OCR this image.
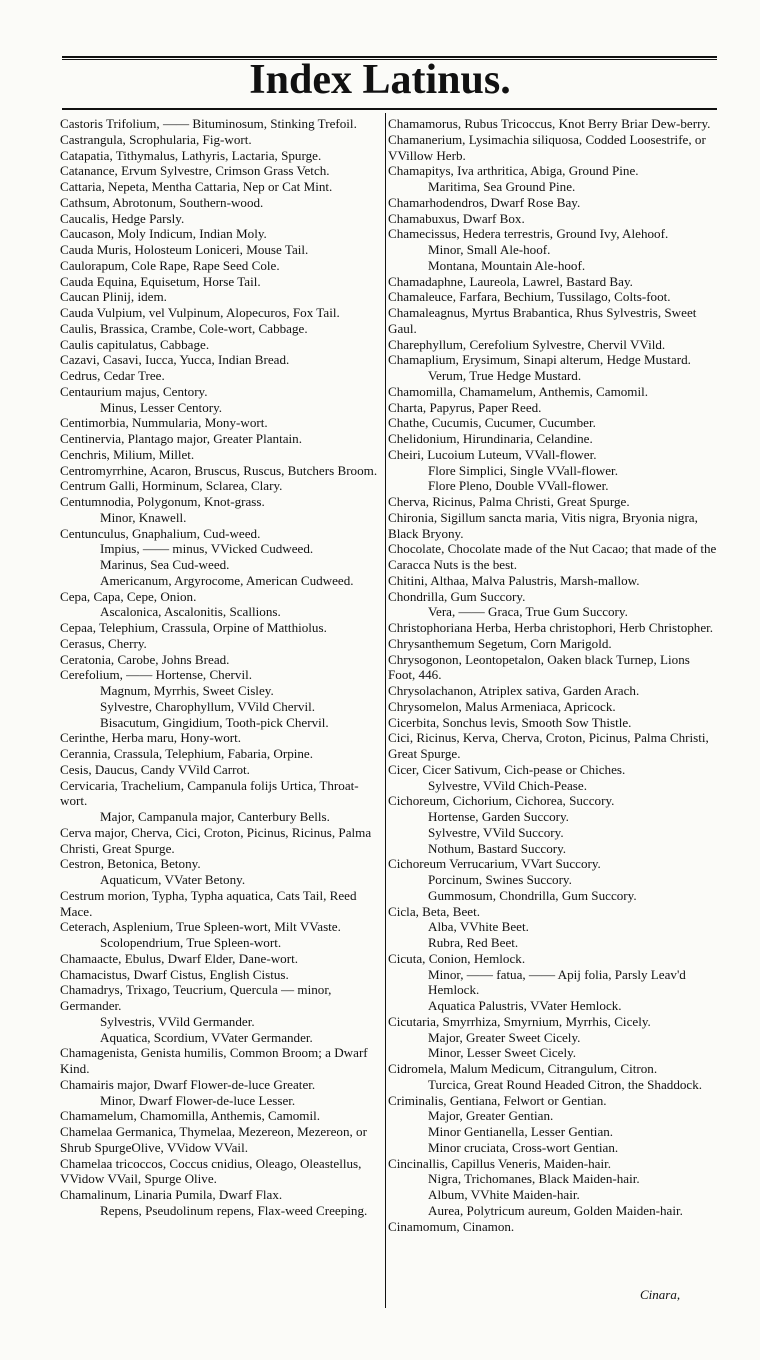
Index Latinus.
Castoris Trifolium, —— Bituminosum, Stinking Trefoil.
Castrangula, Scrophularia, Fig-wort.
Catapatia, Tithymalus, Lathyris, Lactaria, Spurge.
Catanance, Ervum Sylvestre, Crimson Grass Vetch.
Cattaria, Nepeta, Mentha Cattaria, Nep or Cat Mint.
Cathsum, Abrotonum, Southern-wood.
Caucalis, Hedge Parsly.
Caucason, Moly Indicum, Indian Moly.
Cauda Muris, Holosteum Loniceri, Mouse Tail.
Caulorapum, Cole Rape, Rape Seed Cole.
Cauda Equina, Equisetum, Horse Tail.
Caucan Plinij, idem.
Cauda Vulpium, vel Vulpinum, Alopecuros, Fox Tail.
Caulis, Brassica, Crambe, Cole-wort, Cabbage.
Caulis capitulatus, Cabbage.
Cazavi, Casavi, Iucca, Yucca, Indian Bread.
Cedrus, Cedar Tree.
Centaurium majus, Centory.
Minus, Lesser Centory.
Centimorbia, Nummularia, Mony-wort.
Centinervia, Plantago major, Greater Plantain.
Cenchris, Milium, Millet.
Centromyrrhine, Acaron, Bruscus, Ruscus, Butchers Broom.
Centrum Galli, Horminum, Sclarea, Clary.
Centumnodia, Polygonum, Knot-grass.
Minor, Knawell.
Centunculus, Gnaphalium, Cud-weed.
Impius, —— minus, VVicked Cudweed.
Marinus, Sea Cud-weed.
Americanum, Argyrocome, American Cudweed.
Cepa, Capa, Cepe, Onion.
Ascalonica, Ascalonitis, Scallions.
Cepaa, Telephium, Crassula, Orpine of Matthiolus.
Cerasus, Cherry.
Ceratonia, Carobe, Johns Bread.
Cerefolium, —— Hortense, Chervil.
Magnum, Myrrhis, Sweet Cisley.
Sylvestre, Charophyllum, VVild Chervil.
Bisacutum, Gingidium, Tooth-pick Chervil.
Cerinthe, Herba maru, Hony-wort.
Cerannia, Crassula, Telephium, Fabaria, Orpine.
Cesis, Daucus, Candy VVild Carrot.
Cervicaria, Trachelium, Campanula folijs Urtica, Throat-wort.
Major, Campanula major, Canterbury Bells.
Cerva major, Cherva, Cici, Croton, Picinus, Ricinus, Palma Christi, Great Spurge.
Cestron, Betonica, Betony.
Aquaticum, VVater Betony.
Cestrum morion, Typha, Typha aquatica, Cats Tail, Reed Mace.
Ceterach, Asplenium, True Spleen-wort, Milt VVaste.
Scolopendrium, True Spleen-wort.
Chamaacte, Ebulus, Dwarf Elder, Dane-wort.
Chamacistus, Dwarf Cistus, English Cistus.
Chamadrys, Trixago, Teucrium, Quercula — minor, Germander.
Sylvestris, VVild Germander.
Aquatica, Scordium, VVater Germander.
Chamagenista, Genista humilis, Common Broom; a Dwarf Kind.
Chamairis major, Dwarf Flower-de-luce Greater.
Minor, Dwarf Flower-de-luce Lesser.
Chamamelum, Chamomilla, Anthemis, Camomil.
Chamelaa Germanica, Thymelaa, Mezereon, Mezereon, or Shrub SpurgeOlive, VVidow VVail.
Chamelaa tricoccos, Coccus cnidius, Oleago, Oleastellus, VVidow VVail, Spurge Olive.
Chamalinum, Linaria Pumila, Dwarf Flax.
Repens, Pseudolinum repens, Flax-weed Creeping.
Chamamorus, Rubus Tricoccus, Knot Berry Briar Dew-berry.
Chamanerium, Lysimachia siliquosa, Codded Loosestrife, or VVillow Herb.
Chamapitys, Iva arthritica, Abiga, Ground Pine.
Maritima, Sea Ground Pine.
Chamarhodendros, Dwarf Rose Bay.
Chamabuxus, Dwarf Box.
Chamecissus, Hedera terrestris, Ground Ivy, Alehoof.
Minor, Small Ale-hoof.
Montana, Mountain Ale-hoof.
Chamadaphne, Laureola, Lawrel, Bastard Bay.
Chamaleuce, Farfara, Bechium, Tussilago, Colts-foot.
Chamaleagnus, Myrtus Brabantica, Rhus Sylvestris, Sweet Gaul.
Charephyllum, Cerefolium Sylvestre, Chervil VVild.
Chamaplium, Erysimum, Sinapi alterum, Hedge Mustard.
Verum, True Hedge Mustard.
Chamomilla, Chamamelum, Anthemis, Camomil.
Charta, Papyrus, Paper Reed.
Chathe, Cucumis, Cucumer, Cucumber.
Chelidonium, Hirundinaria, Celandine.
Cheiri, Lucoium Luteum, VVall-flower.
Flore Simplici, Single VVall-flower.
Flore Pleno, Double VVall-flower.
Cherva, Ricinus, Palma Christi, Great Spurge.
Chironia, Sigillum sancta maria, Vitis nigra, Bryonia nigra, Black Bryony.
Chocolate, Chocolate made of the Nut Cacao; that made of the Caracca Nuts is the best.
Chitini, Althaa, Malva Palustris, Marsh-mallow.
Chondrilla, Gum Succory.
Vera, —— Graca, True Gum Succory.
Christophoriana Herba, Herba christophori, Herb Christopher.
Chrysanthemum Segetum, Corn Marigold.
Chrysogonon, Leontopetalon, Oaken black Turnep, Lions Foot, 446.
Chrysolachanon, Atriplex sativa, Garden Arach.
Chrysomelon, Malus Armeniaca, Apricock.
Cicerbita, Sonchus levis, Smooth Sow Thistle.
Cici, Ricinus, Kerva, Cherva, Croton, Picinus, Palma Christi, Great Spurge.
Cicer, Cicer Sativum, Cich-pease or Chiches.
Sylvestre, VVild Chich-Pease.
Cichoreum, Cichorium, Cichorea, Succory.
Hortense, Garden Succory.
Sylvestre, VVild Succory.
Nothum, Bastard Succory.
Cichoreum Verrucarium, VVart Succory.
Porcinum, Swines Succory.
Gummosum, Chondrilla, Gum Succory.
Cicla, Beta, Beet.
Alba, VVhite Beet.
Rubra, Red Beet.
Cicuta, Conion, Hemlock.
Minor, —— fatua, —— Apij folia, Parsly Leav'd Hemlock.
Aquatica Palustris, VVater Hemlock.
Cicutaria, Smyrrhiza, Smyrnium, Myrrhis, Cicely.
Major, Greater Sweet Cicely.
Minor, Lesser Sweet Cicely.
Cidromela, Malum Medicum, Citrangulum, Citron.
Turcica, Great Round Headed Citron, the Shaddock.
Criminalis, Gentiana, Felwort or Gentian.
Major, Greater Gentian.
Minor Gentianella, Lesser Gentian.
Minor cruciata, Cross-wort Gentian.
Cincinallis, Capillus Veneris, Maiden-hair.
Nigra, Trichomanes, Black Maiden-hair.
Album, VVhite Maiden-hair.
Aurea, Polytricum aureum, Golden Maiden-hair.
Cinamomum, Cinamon.
Cinara,
